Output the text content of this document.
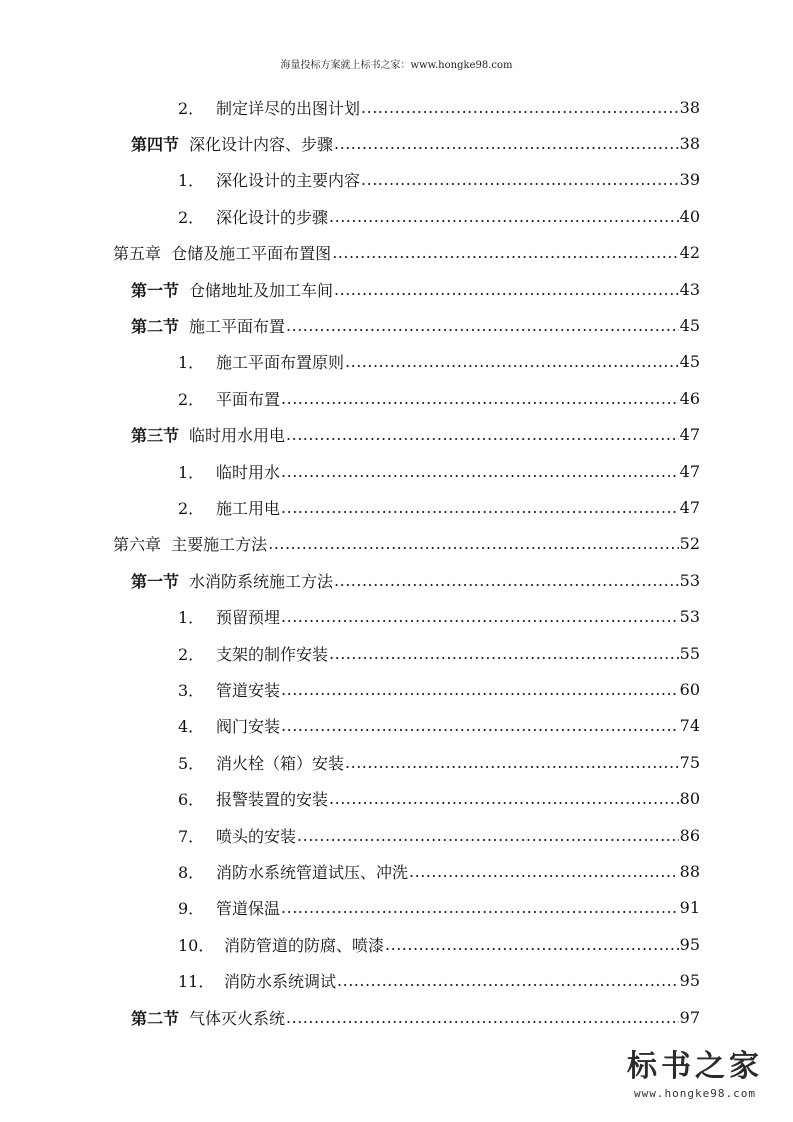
海量投标方案就上标书之家：www.hongke98.com
2． 制定详尽的出图计划 .....	38
第四节 深化设计内容、步骤 .....	38
1． 深化设计的主要内容 .....	39
2． 深化设计的步骤 .....	40
第五章  仓储及施工平面布置图 .....	42
第一节 仓储地址及加工车间 .....	43
第二节 施工平面布置 .....	45
1． 施工平面布置原则 .....	45
2． 平面布置 .....	46
第三节 临时用水用电 .....	47
1． 临时用水 .....	47
2． 施工用电 .....	47
第六章  主要施工方法 .....	52
第一节 水消防系统施工方法 .....	53
1． 预留预埋 .....	53
2． 支架的制作安装 .....	55
3． 管道安装 .....	60
4． 阀门安装 .....	74
5． 消火栓（箱）安装 .....	75
6． 报警装置的安装 .....	80
7． 喷头的安装 .....	86
8． 消防水系统管道试压、冲洗 .....	88
9． 管道保温 .....	91
10． 消防管道的防腐、喷漆 .....	95
11． 消防水系统调试 .....	95
第二节 气体灭火系统 .....	97
标书之家
www.hongke98.com
